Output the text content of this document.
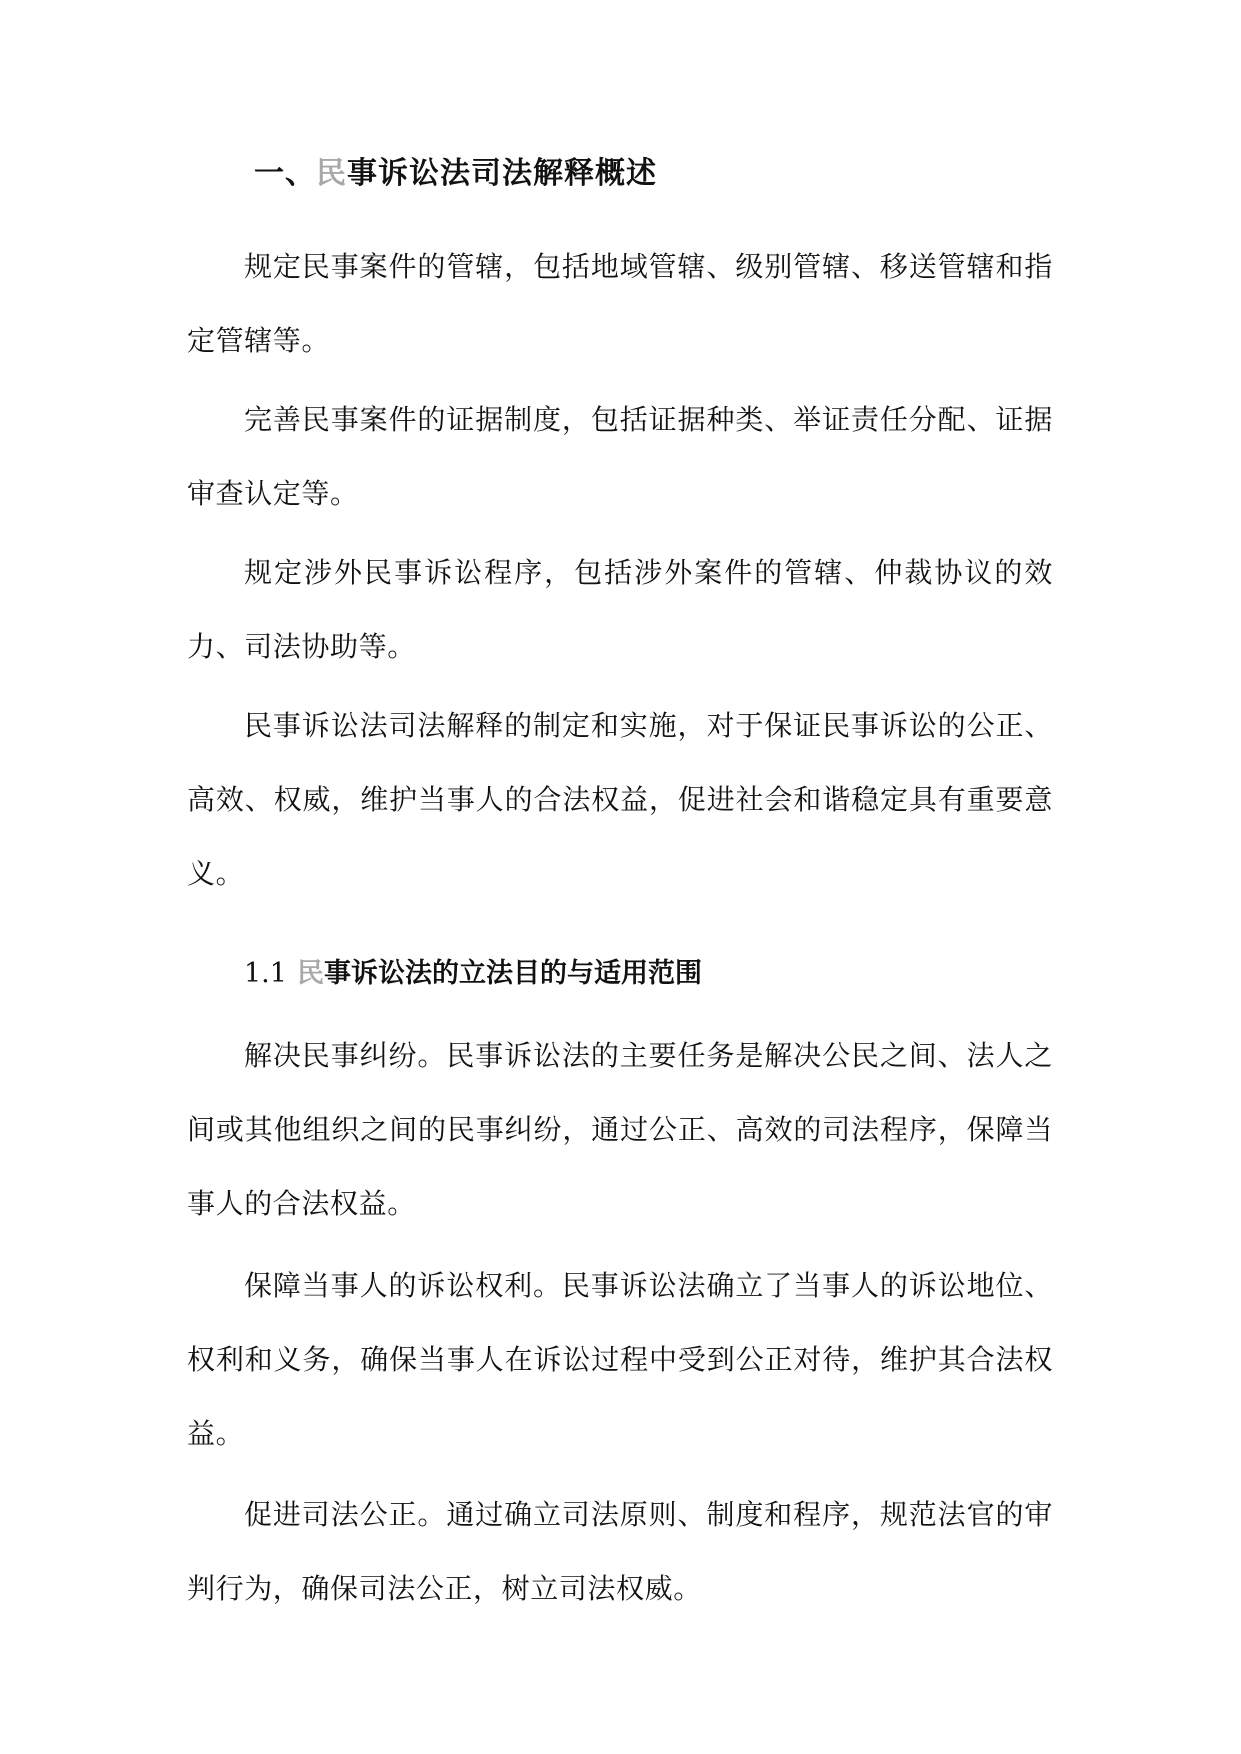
一、民事诉讼法司法解释概述

规定民事案件的管辖，包括地域管辖、级别管辖、移送管辖和指定管辖等。

完善民事案件的证据制度，包括证据种类、举证责任分配、证据审查认定等。

规定涉外民事诉讼程序，包括涉外案件的管辖、仲裁协议的效力、司法协助等。

民事诉讼法司法解释的制定和实施，对于保证民事诉讼的公正、高效、权威，维护当事人的合法权益，促进社会和谐稳定具有重要意义。

1.1 民事诉讼法的立法目的与适用范围

解决民事纠纷。民事诉讼法的主要任务是解决公民之间、法人之间或其他组织之间的民事纠纷，通过公正、高效的司法程序，保障当事人的合法权益。

保障当事人的诉讼权利。民事诉讼法确立了当事人的诉讼地位、权利和义务，确保当事人在诉讼过程中受到公正对待，维护其合法权益。

促进司法公正。通过确立司法原则、制度和程序，规范法官的审判行为，确保司法公正，树立司法权威。
